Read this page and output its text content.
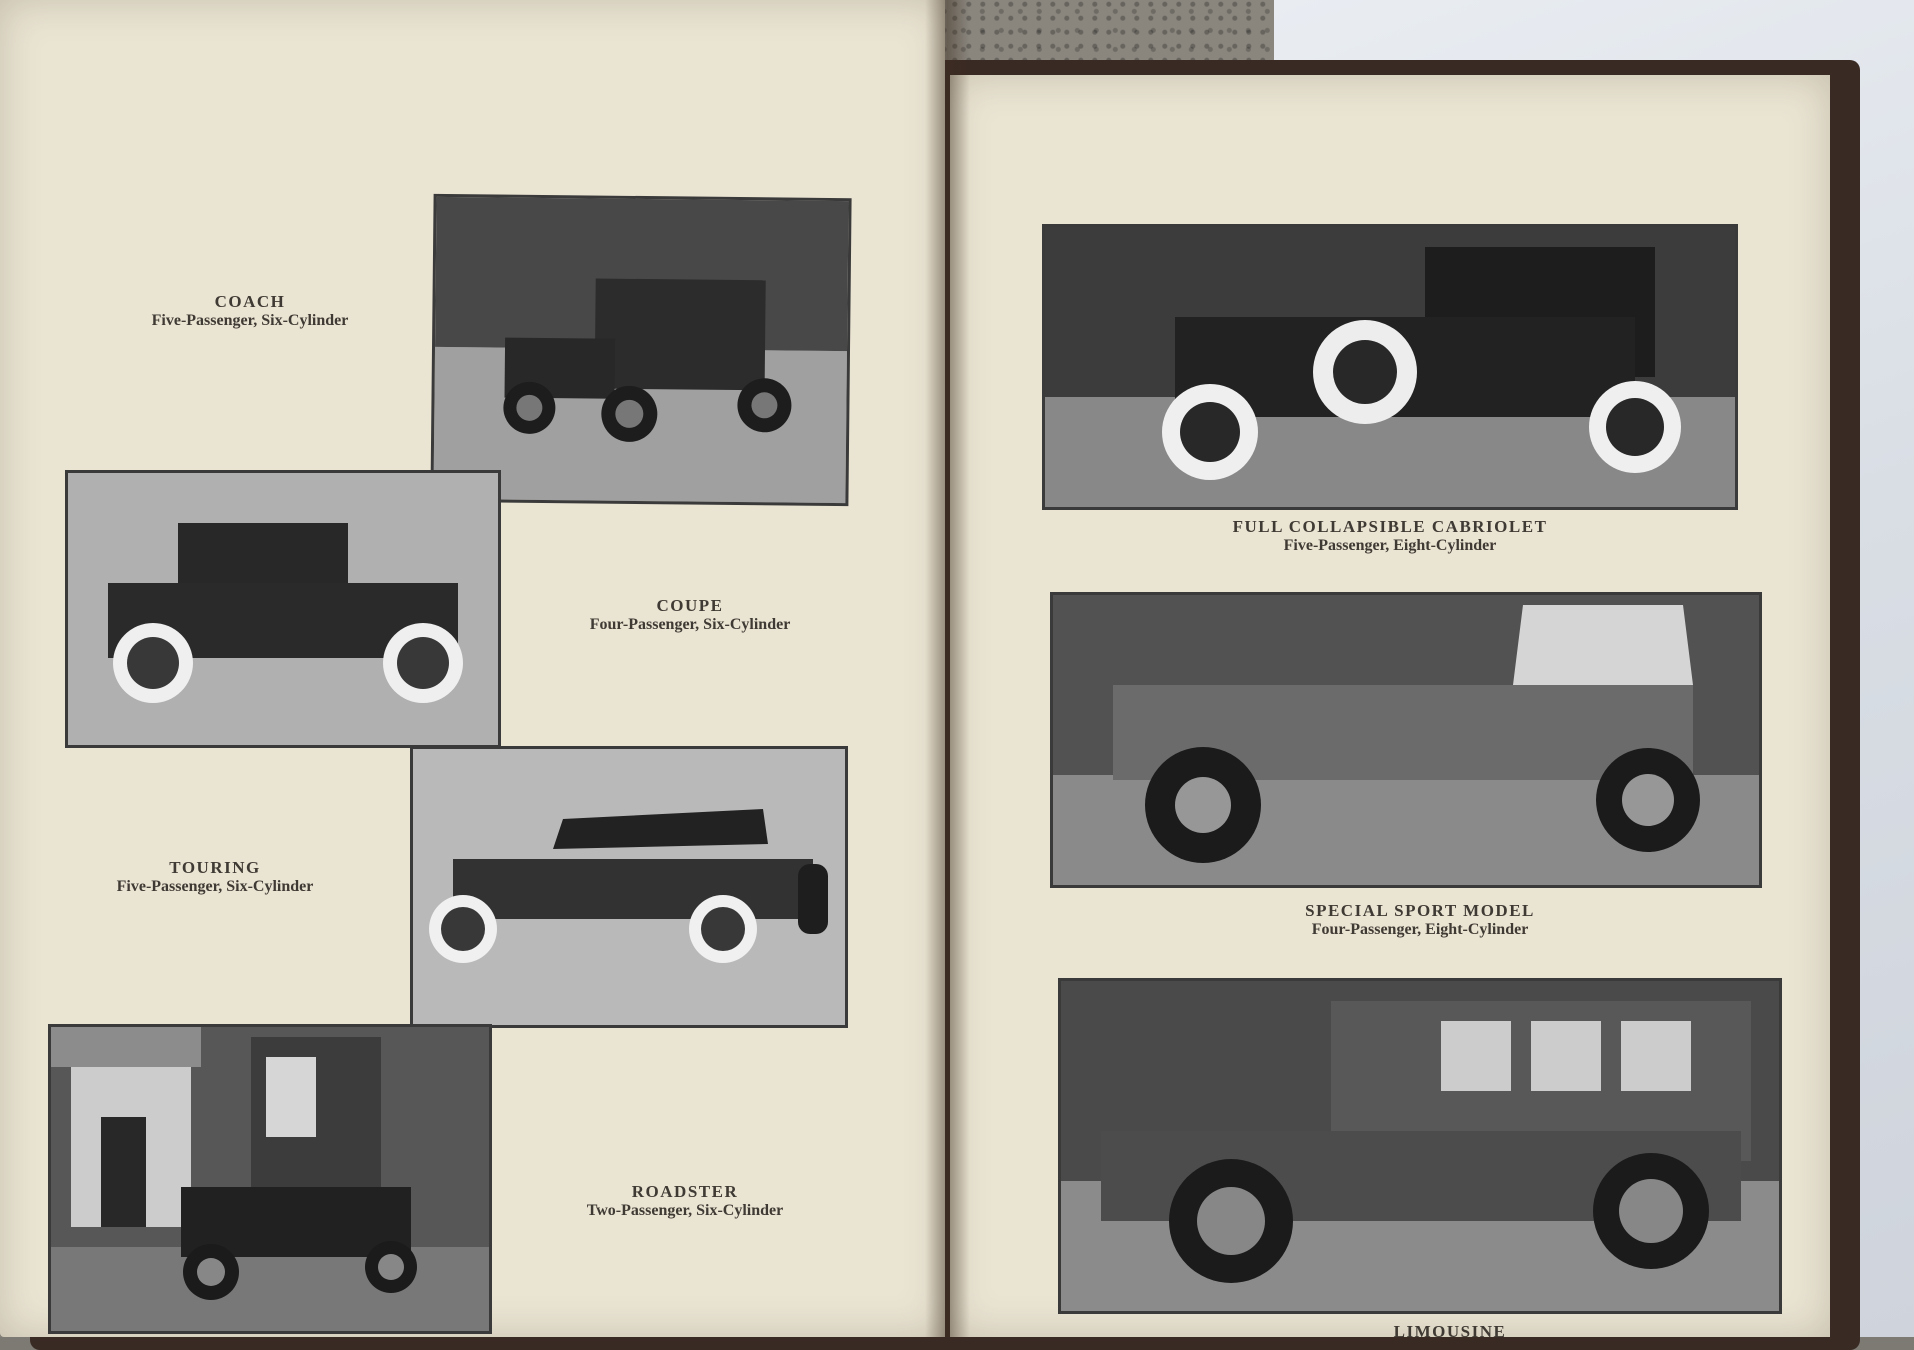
COACH
Five-Passenger, Six-Cylinder
COUPE
Four-Passenger, Six-Cylinder
TOURING
Five-Passenger, Six-Cylinder
ROADSTER
Two-Passenger, Six-Cylinder
FULL COLLAPSIBLE CABRIOLET
Five-Passenger, Eight-Cylinder
SPECIAL SPORT MODEL
Four-Passenger, Eight-Cylinder
LIMOUSINE
